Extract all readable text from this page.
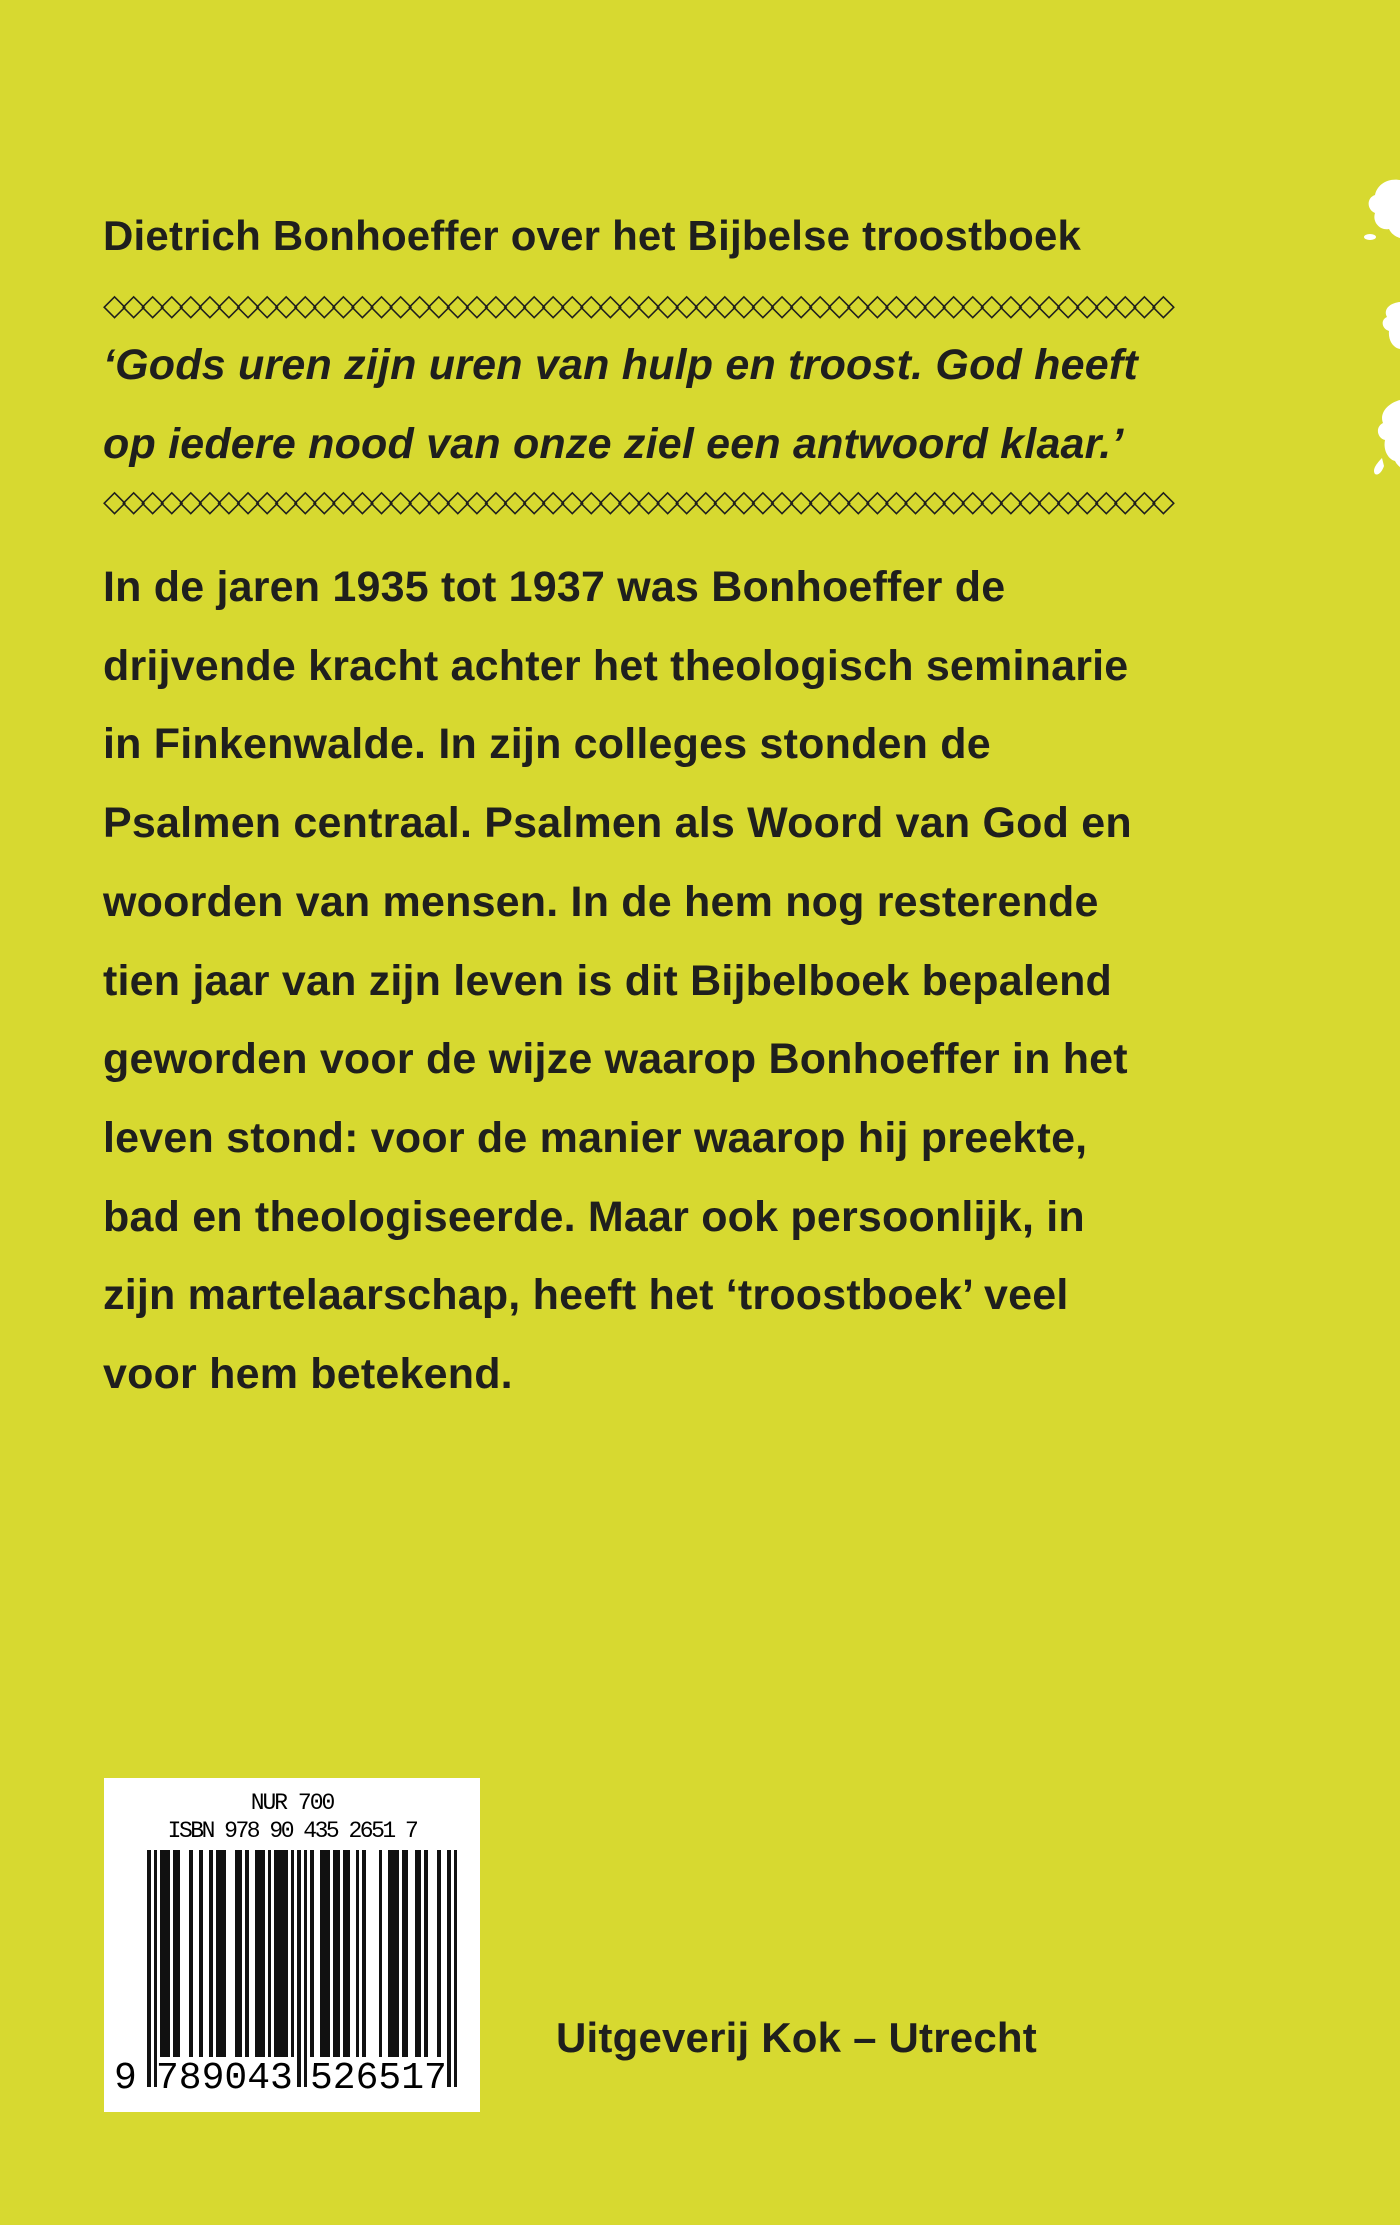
Dietrich Bonhoeffer over het Bijbelse troostboek
◇◇◇◇◇◇◇◇◇◇◇◇◇◇◇◇◇◇◇◇◇◇◇◇◇◇◇◇◇◇◇◇◇◇◇◇◇◇◇◇◇◇◇◇◇◇◇◇◇◇◇◇◇◇◇◇
‘Gods uren zijn uren van hulp en troost. God heeft
op iedere nood van onze ziel een antwoord klaar.’
◇◇◇◇◇◇◇◇◇◇◇◇◇◇◇◇◇◇◇◇◇◇◇◇◇◇◇◇◇◇◇◇◇◇◇◇◇◇◇◇◇◇◇◇◇◇◇◇◇◇◇◇◇◇◇◇
In de jaren 1935 tot 1937 was Bonhoeffer de
drijvende kracht achter het theologisch seminarie
in Finkenwalde. In zijn colleges stonden de
Psalmen centraal. Psalmen als Woord van God en
woorden van mensen. In de hem nog resterende
tien jaar van zijn leven is dit Bijbelboek bepalend
geworden voor de wijze waarop Bonhoeffer in het
leven stond: voor de manier waarop hij preekte,
bad en theologiseerde. Maar ook persoonlijk, in
zijn martelaarschap, heeft het ‘troostboek’ veel
voor hem betekend.
NUR 700
ISBN 978 90 435 2651 7
9 789043 526517
Uitgeverij Kok – Utrecht
